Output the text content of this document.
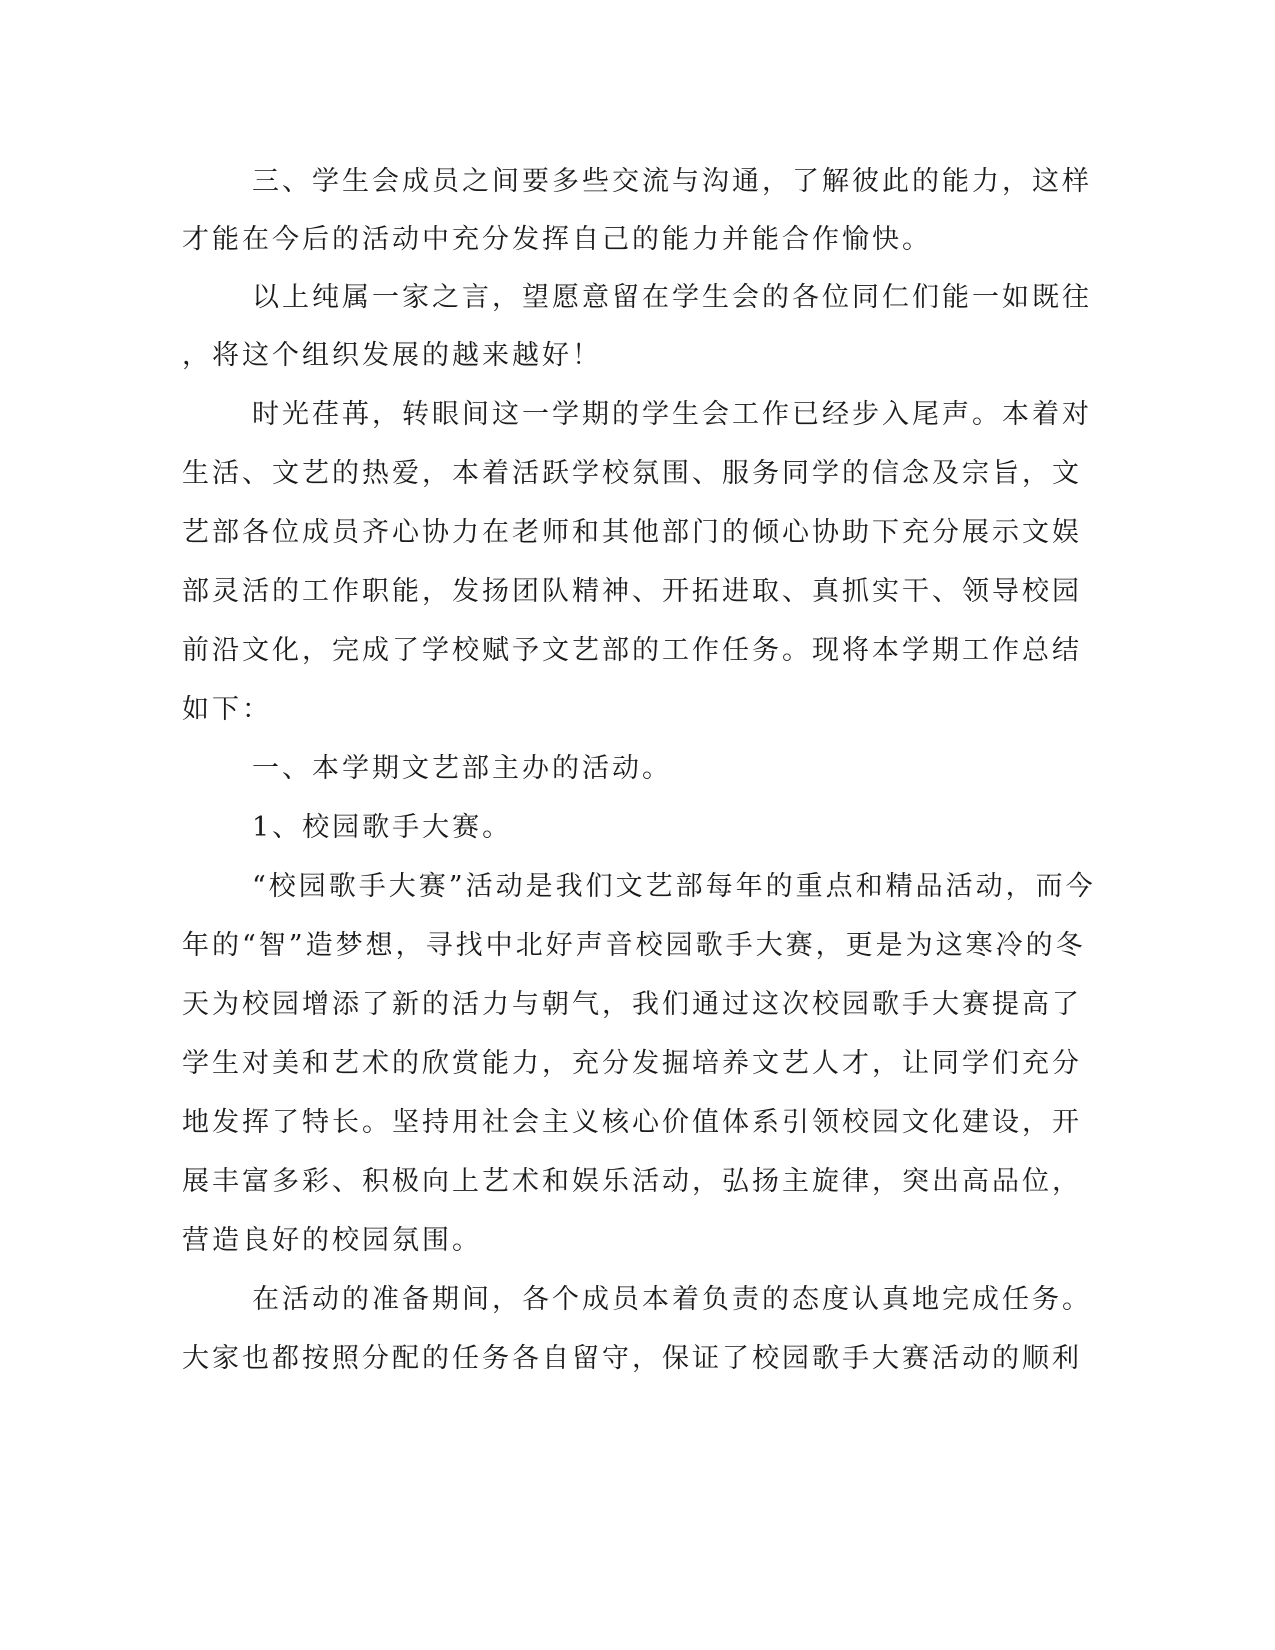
三、学生会成员之间要多些交流与沟通，了解彼此的能力，这样

才能在今后的活动中充分发挥自己的能力并能合作愉快。

以上纯属一家之言，望愿意留在学生会的各位同仁们能一如既往

，将这个组织发展的越来越好！

时光荏苒，转眼间这一学期的学生会工作已经步入尾声。本着对

生活、文艺的热爱，本着活跃学校氛围、服务同学的信念及宗旨，文

艺部各位成员齐心协力在老师和其他部门的倾心协助下充分展示文娱

部灵活的工作职能，发扬团队精神、开拓进取、真抓实干、领导校园

前沿文化，完成了学校赋予文艺部的工作任务。现将本学期工作总结

如下：

一、本学期文艺部主办的活动。

1、校园歌手大赛。

“校园歌手大赛”活动是我们文艺部每年的重点和精品活动，而今

年的“智”造梦想，寻找中北好声音校园歌手大赛，更是为这寒冷的冬

天为校园增添了新的活力与朝气，我们通过这次校园歌手大赛提高了

学生对美和艺术的欣赏能力，充分发掘培养文艺人才，让同学们充分

地发挥了特长。坚持用社会主义核心价值体系引领校园文化建设，开

展丰富多彩、积极向上艺术和娱乐活动，弘扬主旋律，突出高品位，

营造良好的校园氛围。

在活动的准备期间，各个成员本着负责的态度认真地完成任务。

大家也都按照分配的任务各自留守，保证了校园歌手大赛活动的顺利
